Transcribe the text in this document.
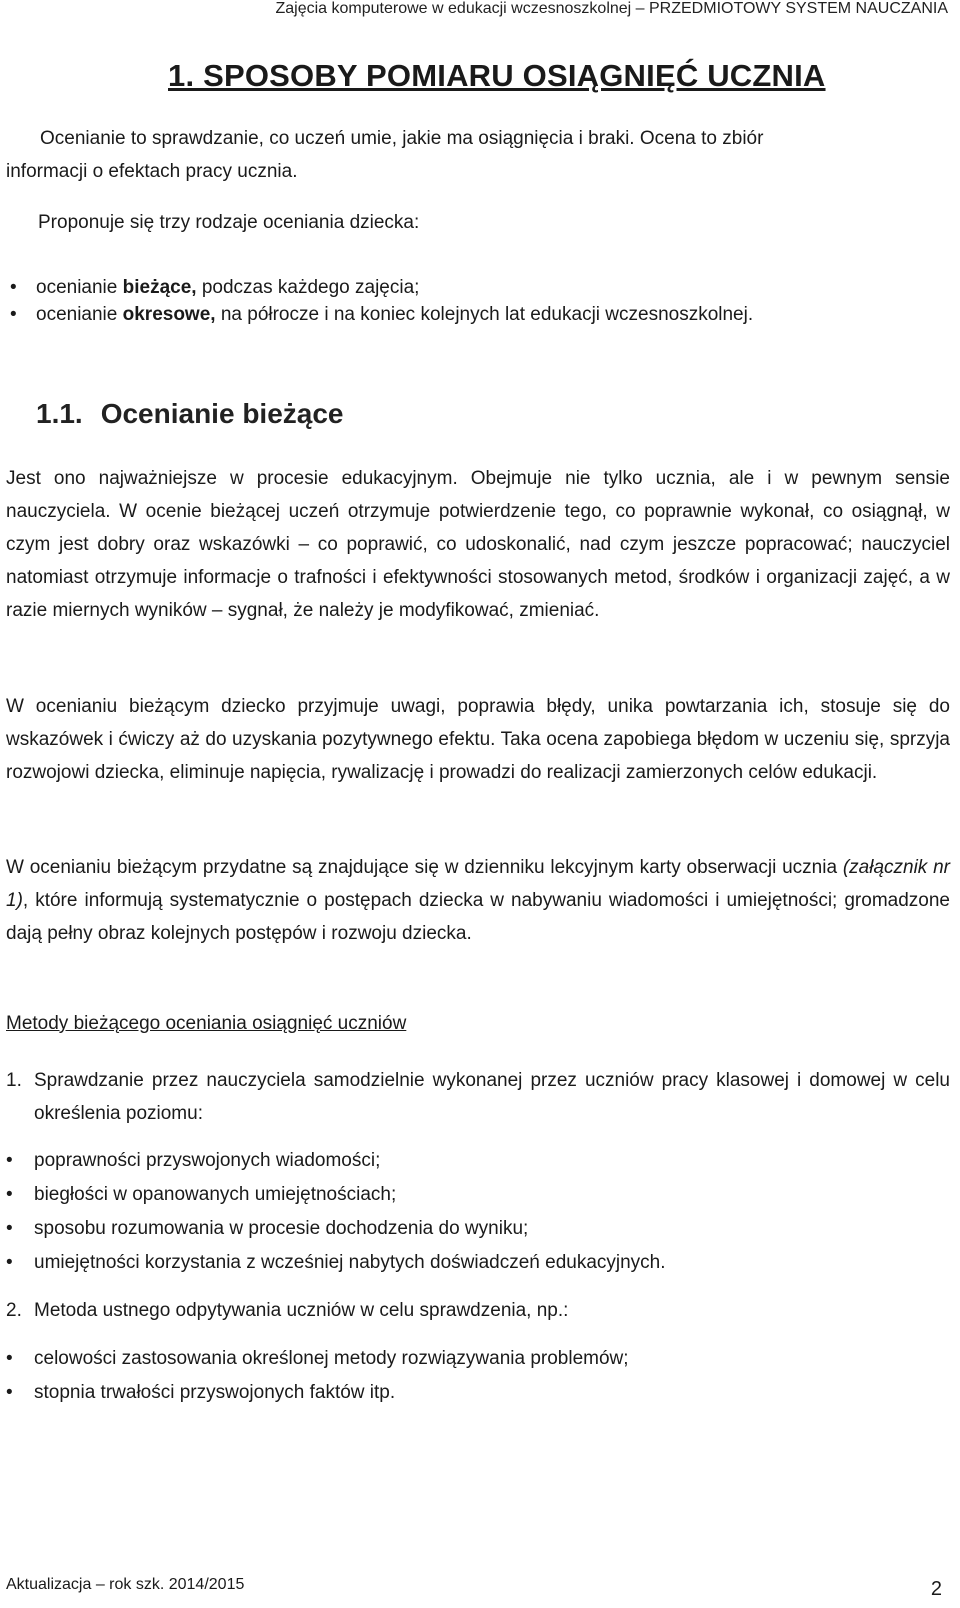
Zajęcia komputerowe w edukacji wczesnoszkolnej – PRZEDMIOTOWY SYSTEM NAUCZANIA
1. SPOSOBY POMIARU OSIĄGNIĘĆ UCZNIA
Ocenianie to sprawdzanie, co uczeń umie, jakie ma osiągnięcia i braki. Ocena to zbiór
informacji o efektach pracy ucznia.
Proponuje się trzy rodzaje oceniania dziecka:
• ocenianie bieżące, podczas każdego zajęcia;
• ocenianie okresowe, na półrocze i na koniec kolejnych lat edukacji wczesnoszkolnej.
1.1. Ocenianie bieżące
Jest ono najważniejsze w procesie edukacyjnym. Obejmuje nie tylko ucznia, ale i w pewnym sensie nauczyciela. W ocenie bieżącej uczeń otrzymuje potwierdzenie tego, co poprawnie wykonał, co osiągnął, w czym jest dobry oraz wskazówki – co poprawić, co udoskonalić, nad czym jeszcze popracować; nauczyciel natomiast otrzymuje informacje o trafności i efektywności stosowanych metod, środków i organizacji zajęć, a w razie miernych wyników – sygnał, że należy je modyfikować, zmieniać.
W ocenianiu bieżącym dziecko przyjmuje uwagi, poprawia błędy, unika powtarzania ich, stosuje się do wskazówek i ćwiczy aż do uzyskania pozytywnego efektu. Taka ocena zapobiega błędom w uczeniu się, sprzyja rozwojowi dziecka, eliminuje napięcia, rywalizację i prowadzi do realizacji zamierzonych celów edukacji.
W ocenianiu bieżącym przydatne są znajdujące się w dzienniku lekcyjnym karty obserwacji ucznia (załącznik nr 1), które informują systematycznie o postępach dziecka w nabywaniu wiadomości i umiejętności; gromadzone dają pełny obraz kolejnych postępów i rozwoju dziecka.
Metody bieżącego oceniania osiągnięć uczniów
1. Sprawdzanie przez nauczyciela samodzielnie wykonanej przez uczniów pracy klasowej i domowej w celu określenia poziomu:
• poprawności przyswojonych wiadomości;
• biegłości w opanowanych umiejętnościach;
• sposobu rozumowania w procesie dochodzenia do wyniku;
• umiejętności korzystania z wcześniej nabytych doświadczeń edukacyjnych.
2. Metoda ustnego odpytywania uczniów w celu sprawdzenia, np.:
• celowości zastosowania określonej metody rozwiązywania problemów;
• stopnia trwałości przyswojonych faktów itp.
Aktualizacja – rok szk. 2014/2015	2
